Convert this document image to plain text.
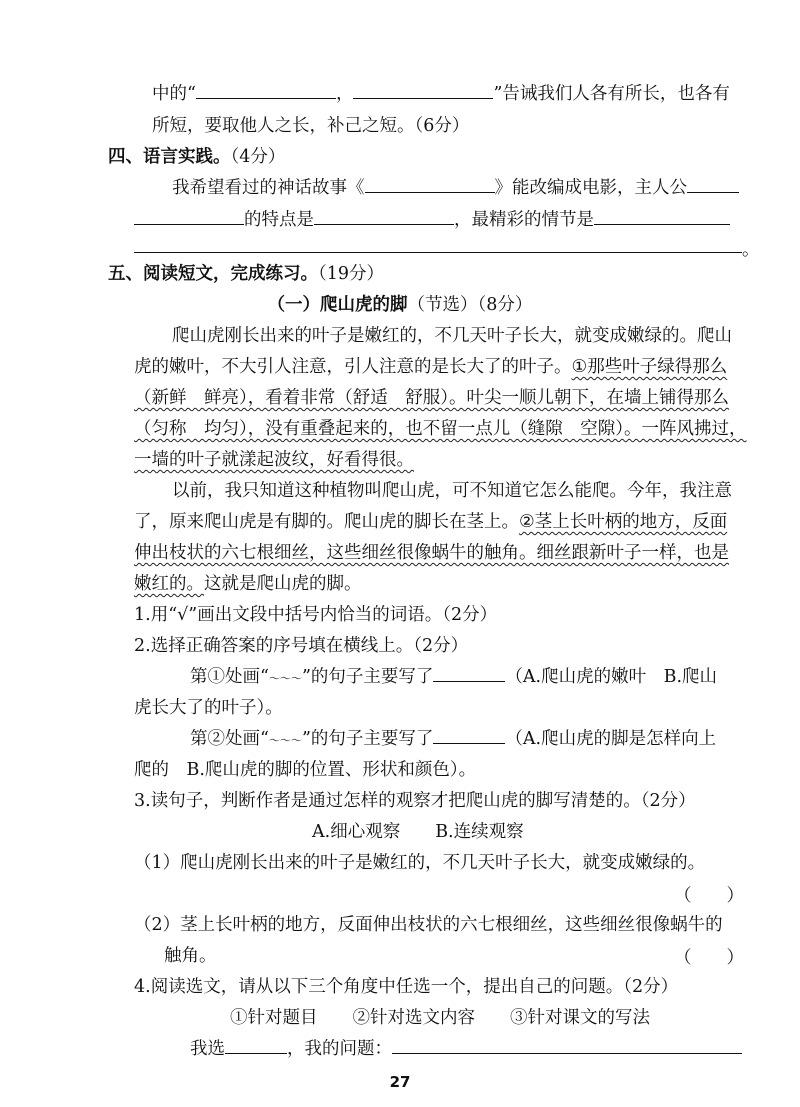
中的“	，	”告诫我们人各有所长，也各有
所短，要取他人之长，补己之短。（6分）
四、语言实践。（4分）
我希望看过的神话故事《	》能改编成电影，主人公
的特点是	，最精彩的情节是
。
五、阅读短文，完成练习。（19分）
（一）爬山虎的脚（节选）（8分）
爬山虎刚长出来的叶子是嫩红的，不几天叶子长大，就变成嫩绿的。爬山
虎的嫩叶，不大引人注意，引人注意的是长大了的叶子。①那些叶子绿得那么
（新鲜　鲜亮），看着非常（舒适　舒服）。叶尖一顺儿朝下，在墙上铺得那么
（匀称　均匀），没有重叠起来的，也不留一点儿（缝隙　空隙）。一阵风拂过，
一墙的叶子就漾起波纹，好看得很。
以前，我只知道这种植物叫爬山虎，可不知道它怎么能爬。今年，我注意
了，原来爬山虎是有脚的。爬山虎的脚长在茎上。②茎上长叶柄的地方，反面
伸出枝状的六七根细丝，这些细丝很像蜗牛的触角。细丝跟新叶子一样，也是
嫩红的。这就是爬山虎的脚。
1.用“√”画出文段中括号内恰当的词语。（2分）
2.选择正确答案的序号填在横线上。（2分）
第①处画“～～～”的句子主要写了	（A.爬山虎的嫩叶　B.爬山
虎长大了的叶子）。
第②处画“～～～”的句子主要写了	（A.爬山虎的脚是怎样向上
爬的　B.爬山虎的脚的位置、形状和颜色）。
3.读句子，判断作者是通过怎样的观察才把爬山虎的脚写清楚的。（2分）
A.细心观察　　B.连续观察
（1）爬山虎刚长出来的叶子是嫩红的，不几天叶子长大，就变成嫩绿的。
（　　）
（2）茎上长叶柄的地方，反面伸出枝状的六七根细丝，这些细丝很像蜗牛的
触角。	（　　）
4.阅读选文，请从以下三个角度中任选一个，提出自己的问题。（2分）
①针对题目　　②针对选文内容　　③针对课文的写法
我选	，我的问题：
27
